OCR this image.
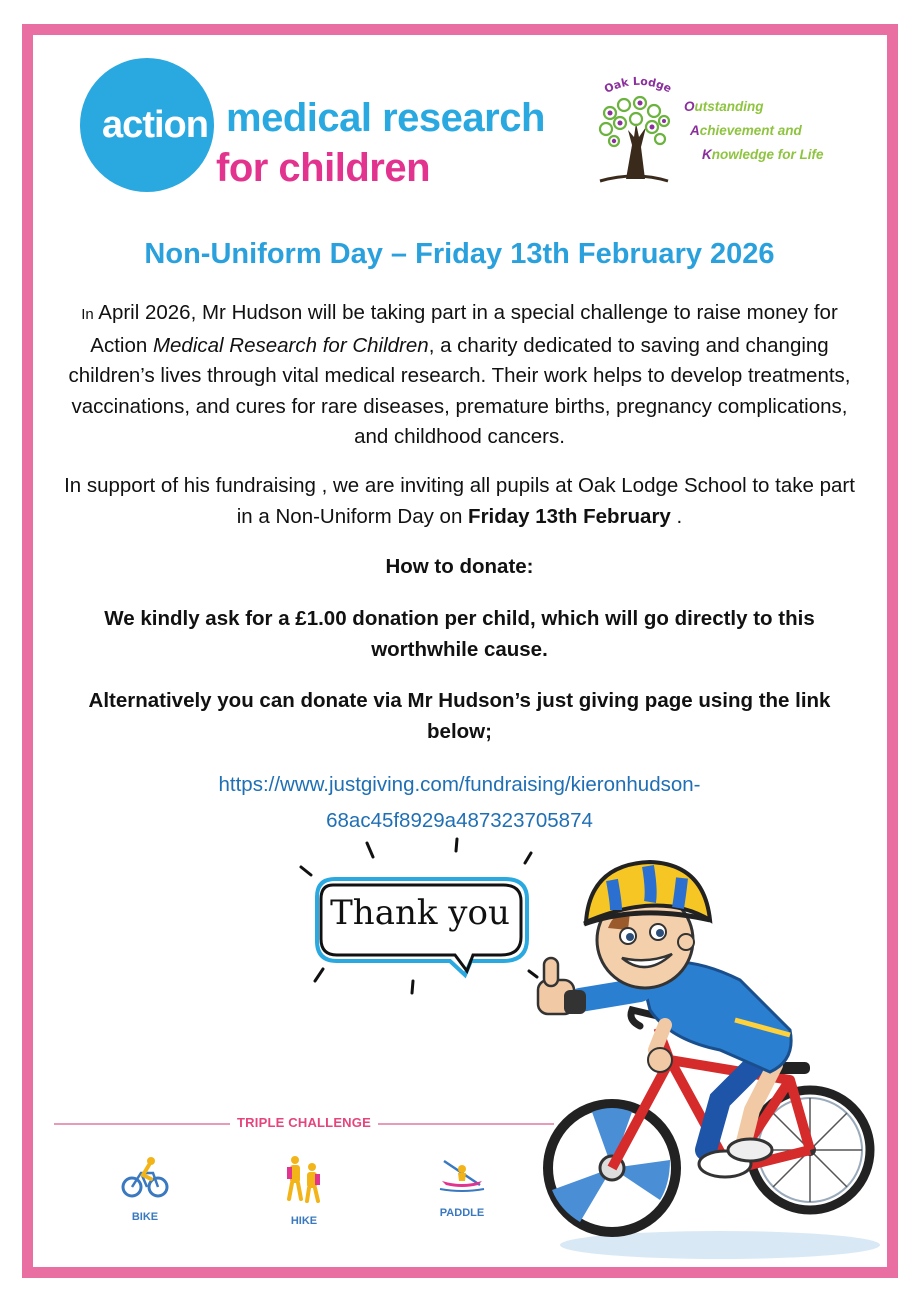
action medical research
for children
Oak Lodge
Outstanding
Achievement and
Knowledge for Life
Non-Uniform Day – Friday 13th February 2026

In April 2026, Mr Hudson will be taking part in a special challenge to raise money for Action Medical Research for Children, a charity dedicated to saving and changing children’s lives through vital medical research. Their work helps to develop treatments, vaccinations, and cures for rare diseases, premature births, pregnancy complications, and childhood cancers.

In support of his fundraising , we are inviting all pupils at Oak Lodge School to take part in a Non-Uniform Day on Friday 13th February .

How to donate:

We kindly ask for a £1.00 donation per child, which will go directly to this worthwhile cause.

Alternatively you can donate via Mr Hudson’s just giving page using the link below;

https://www.justgiving.com/fundraising/kieronhudson-
68ac45f8929a487323705874
Thank you
TRIPLE CHALLENGE
BIKE	HIKE
PADDLE
